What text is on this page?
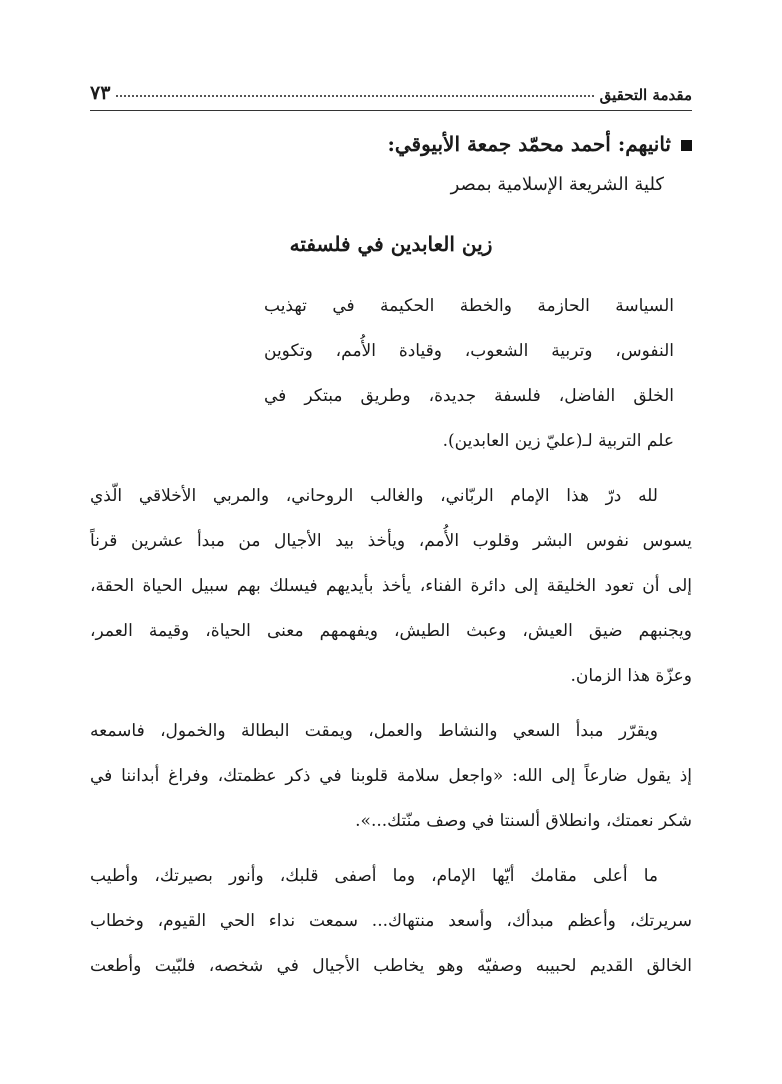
مقدمة التحقيق
٧٣
ثانيهم: أحمد محمّد جمعة الأبيوقي:
كلية الشريعة الإسلامية بمصر
زين العابدين في فلسفته
السياسة الحازمة والخطة الحكيمة في تهذيب
النفوس، وتربية الشعوب، وقيادة الأُمم، وتكوين
الخلق الفاضل، فلسفة جديدة، وطريق مبتكر في
علم التربية لـ(عليّ زين العابدين).
لله درّ هذا الإمام الربّاني، والغالب الروحاني، والمربي الأخلاقي الّذي
يسوس نفوس البشر وقلوب الأُمم، ويأخذ بيد الأجيال من مبدأ عشرين قرناً
إلى أن تعود الخليقة إلى دائرة الفناء، يأخذ بأيديهم فيسلك بهم سبيل الحياة الحقة،
ويجنبهم ضيق العيش، وعبث الطيش، ويفهمهم معنى الحياة، وقيمة العمر،
وعزّة هذا الزمان.
ويقرّر مبدأ السعي والنشاط والعمل، ويمقت البطالة والخمول، فاسمعه
إذ يقول ضارعاً إلى الله: «واجعل سلامة قلوبنا في ذكر عظمتك، وفراغ أبداننا في
شكر نعمتك، وانطلاق ألسنتا في وصف منّتك...».
ما أعلى مقامك أيّها الإمام، وما أصفى قلبك، وأنور بصيرتك، وأطيب
سريرتك، وأعظم مبدأك، وأسعد منتهاك... سمعت نداء الحي القيوم، وخطاب
الخالق القديم لحبيبه وصفيّه وهو يخاطب الأجيال في شخصه، فلبّيت وأطعت
